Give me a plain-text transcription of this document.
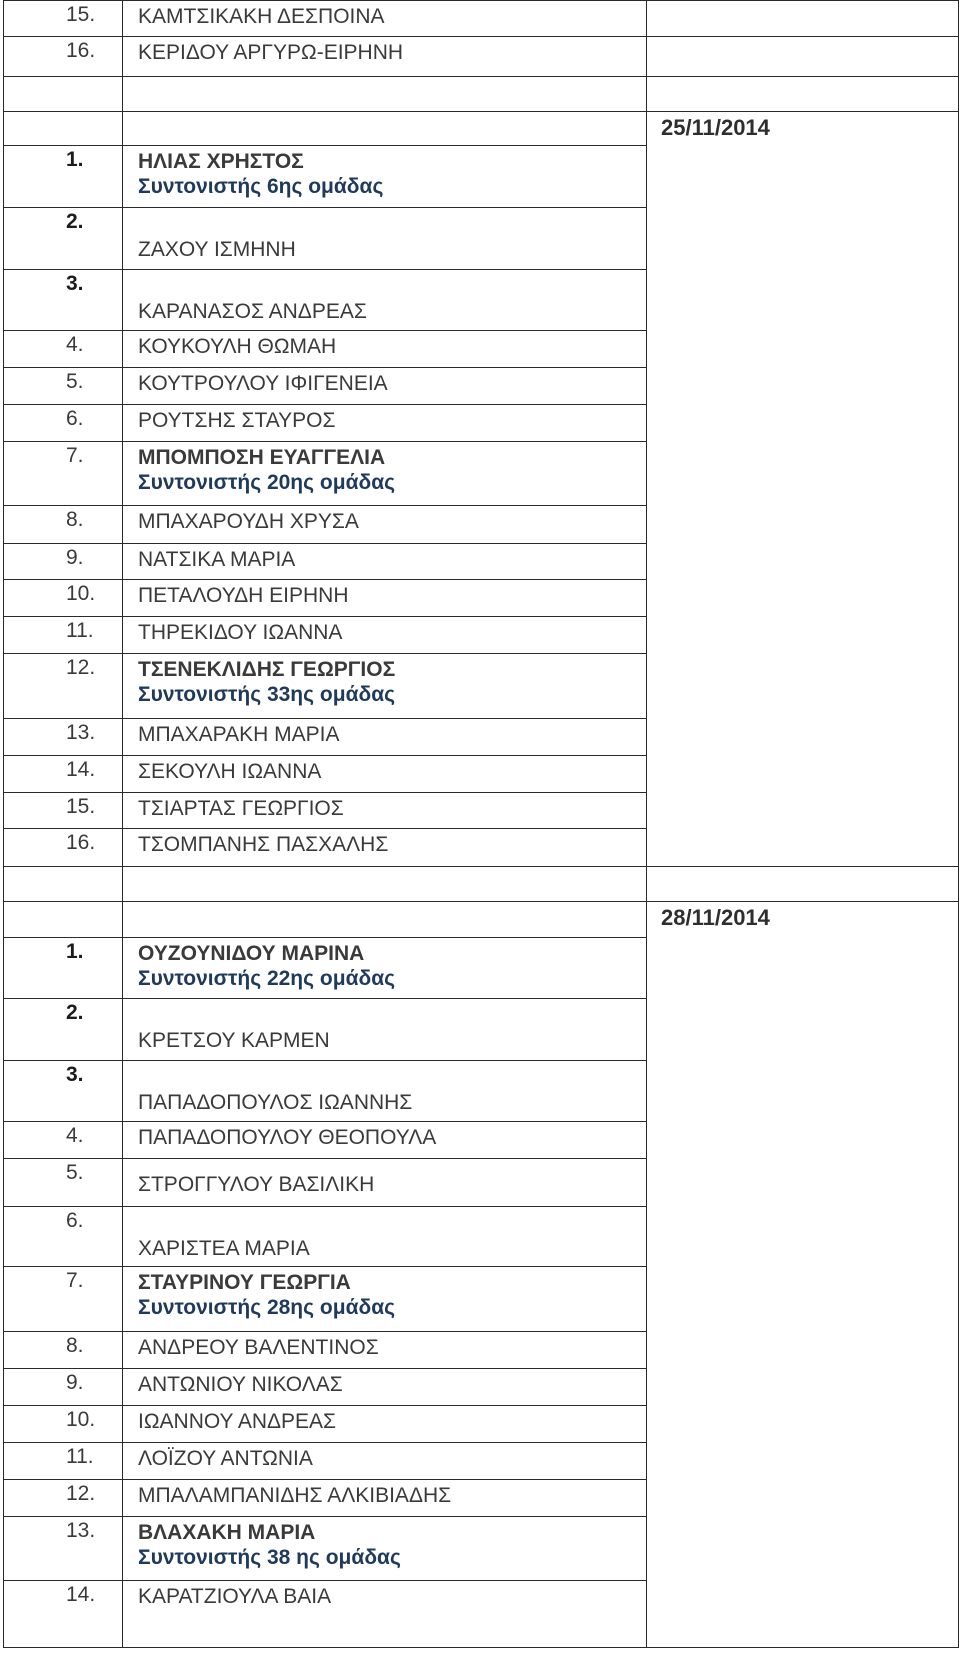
15.	ΚΑΜΤΣΙΚΑΚΗ ΔΕΣΠΟΙΝΑ	

16.	ΚΕΡΙΔΟΥ ΑΡΓΥΡΩ-ΕΙΡΗΝΗ	

		25/11/2014

1.	ΗΛΙΑΣ ΧΡΗΣΤΟΣ
Συντονιστής 6ης ομάδας	

2.	ΖΑΧΟΥ ΙΣΜΗΝΗ	

3.	ΚΑΡΑΝΑΣΟΣ ΑΝΔΡΕΑΣ	

4.	ΚΟΥΚΟΥΛΗ ΘΩΜΑΗ	

5.	ΚΟΥΤΡΟΥΛΟΥ ΙΦΙΓΕΝΕΙΑ	

6.	ΡΟΥΤΣΗΣ ΣΤΑΥΡΟΣ	

7.	ΜΠΟΜΠΟΣΗ ΕΥΑΓΓΕΛΙΑ
Συντονιστής 20ης ομάδας	

8.	ΜΠΑΧΑΡΟΥΔΗ ΧΡΥΣΑ	

9.	ΝΑΤΣΙΚΑ ΜΑΡΙΑ	

10.	ΠΕΤΑΛΟΥΔΗ ΕΙΡΗΝΗ	

11.	ΤΗΡΕΚΙΔΟΥ ΙΩΑΝΝΑ	

12.	ΤΣΕΝΕΚΛΙΔΗΣ ΓΕΩΡΓΙΟΣ
Συντονιστής 33ης ομάδας	

13.	ΜΠΑΧΑΡΑΚΗ ΜΑΡΙΑ	

14.	ΣΕΚΟΥΛΗ ΙΩΑΝΝΑ	

15.	ΤΣΙΑΡΤΑΣ ΓΕΩΡΓΙΟΣ	

16.	ΤΣΟΜΠΑΝΗΣ ΠΑΣΧΑΛΗΣ	

		28/11/2014

1.	ΟΥΖΟΥΝΙΔΟΥ ΜΑΡΙΝΑ
Συντονιστής 22ης ομάδας	

2.	ΚΡΕΤΣΟΥ ΚΑΡΜΕΝ	

3.	ΠΑΠΑΔΟΠΟΥΛΟΣ ΙΩΑΝΝΗΣ	

4.	ΠΑΠΑΔΟΠΟΥΛΟΥ ΘΕΟΠΟΥΛΑ	

5.	ΣΤΡΟΓΓΥΛΟΥ ΒΑΣΙΛΙΚΗ	

6.	ΧΑΡΙΣΤΕΑ ΜΑΡΙΑ	

7.	ΣΤΑΥΡΙΝΟΥ ΓΕΩΡΓΙΑ
Συντονιστής 28ης ομάδας	

8.	ΑΝΔΡΕΟΥ ΒΑΛΕΝΤΙΝΟΣ	

9.	ΑΝΤΩΝΙΟΥ ΝΙΚΟΛΑΣ	

10.	ΙΩΑΝΝΟΥ ΑΝΔΡΕΑΣ	

11.	ΛΟΪΖΟΥ ΑΝΤΩΝΙΑ	

12.	ΜΠΑΛΑΜΠΑΝΙΔΗΣ ΑΛΚΙΒΙΑΔΗΣ	

13.	ΒΛΑΧΑΚΗ ΜΑΡΙΑ
Συντονιστής 38 ης ομάδας	

14.	ΚΑΡΑΤΖΙΟΥΛΑ ΒΑΙΑ	
